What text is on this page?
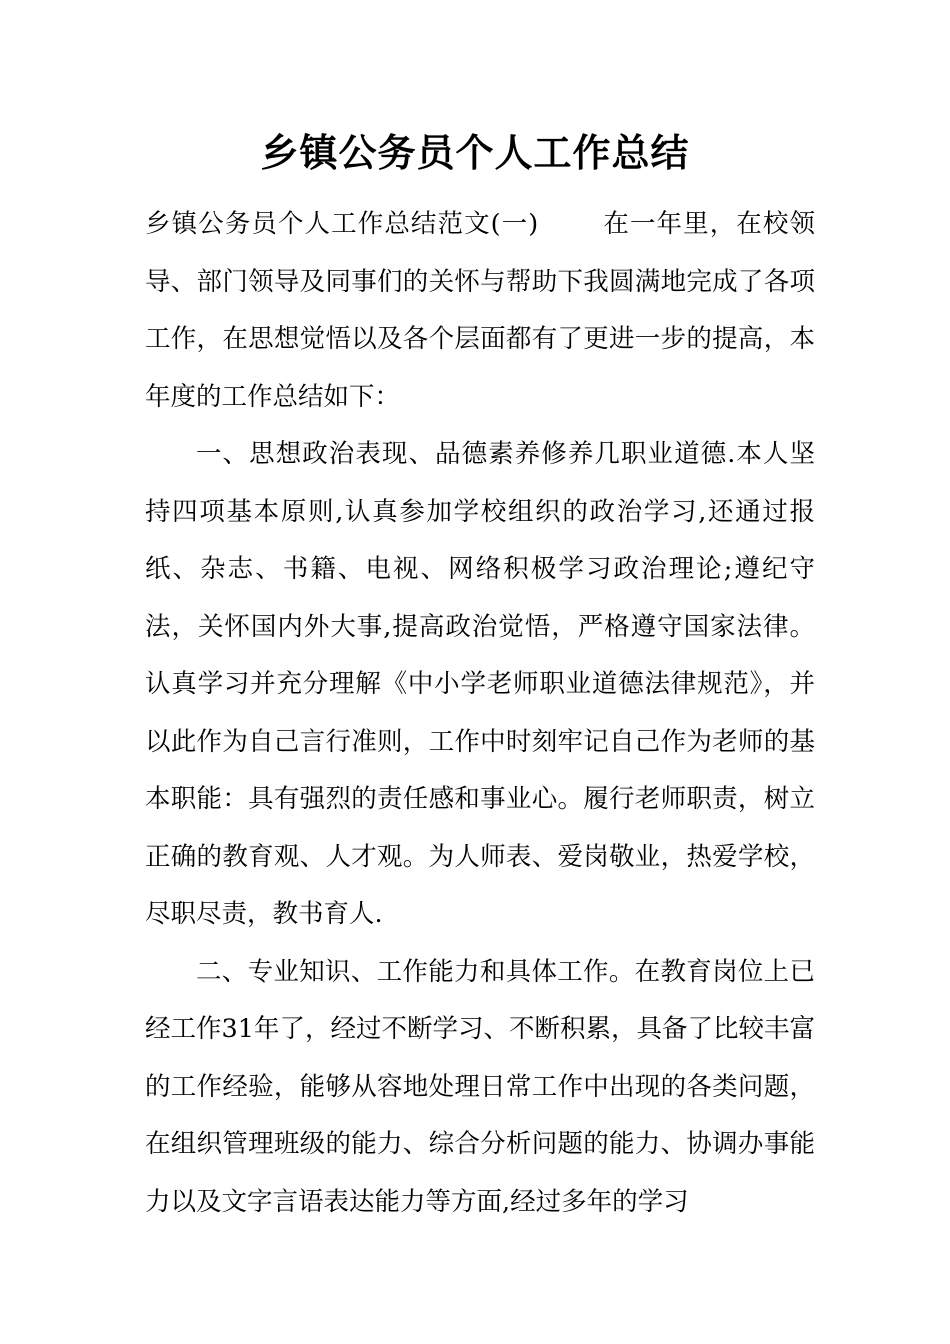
乡镇公务员个人工作总结

乡镇公务员个人工作总结范文(一)	在一年里，在校领导、部门领导及同事们的关怀与帮助下我圆满地完成了各项工作，在思想觉悟以及各个层面都有了更进一步的提高，本年度的工作总结如下：

一、思想政治表现、品德素养修养几职业道德.本人坚持四项基本原则,认真参加学校组织的政治学习,还通过报纸、杂志、书籍、电视、网络积极学习政治理论;遵纪守法，关怀国内外大事,提高政治觉悟，严格遵守国家法律。认真学习并充分理解《中小学老师职业道德法律规范》，并以此作为自己言行准则，工作中时刻牢记自己作为老师的基本职能：具有强烈的责任感和事业心。履行老师职责，树立正确的教育观、人才观。为人师表、爱岗敬业，热爱学校，尽职尽责，教书育人.

二、专业知识、工作能力和具体工作。在教育岗位上已经工作31年了，经过不断学习、不断积累，具备了比较丰富的工作经验，能够从容地处理日常工作中出现的各类问题，在组织管理班级的能力、综合分析问题的能力、协调办事能力以及文字言语表达能力等方面,经过多年的学习
